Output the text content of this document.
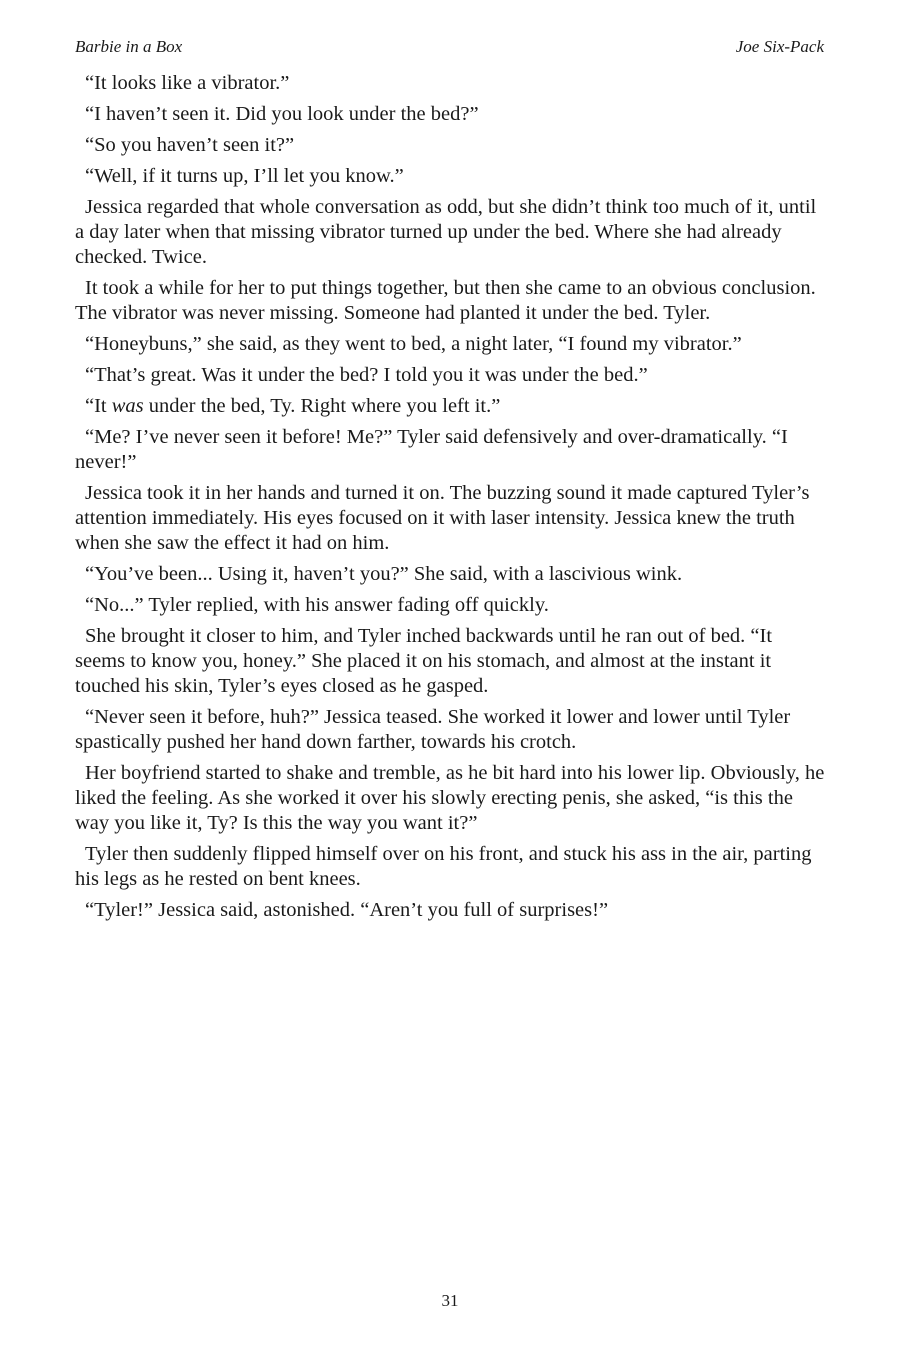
Barbie in a Box	Joe Six-Pack

“It looks like a vibrator.”

“I haven’t seen it. Did you look under the bed?”

“So you haven’t seen it?”

“Well, if it turns up, I’ll let you know.”

Jessica regarded that whole conversation as odd, but she didn’t think too much of it, until a day later when that missing vibrator turned up under the bed. Where she had already checked. Twice.

It took a while for her to put things together, but then she came to an obvious conclusion. The vibrator was never missing. Someone had planted it under the bed. Tyler.

“Honeybuns,” she said, as they went to bed, a night later, “I found my vibrator.”

“That’s great. Was it under the bed? I told you it was under the bed.”

“It was under the bed, Ty. Right where you left it.”

“Me? I’ve never seen it before! Me?” Tyler said defensively and over-dramatically. “I never!”

Jessica took it in her hands and turned it on. The buzzing sound it made captured Tyler’s attention immediately. His eyes focused on it with laser intensity. Jessica knew the truth when she saw the effect it had on him.

“You’ve been... Using it, haven’t you?” She said, with a lascivious wink.

“No...” Tyler replied, with his answer fading off quickly.

She brought it closer to him, and Tyler inched backwards until he ran out of bed. “It seems to know you, honey.” She placed it on his stomach, and almost at the instant it touched his skin, Tyler’s eyes closed as he gasped.

“Never seen it before, huh?” Jessica teased. She worked it lower and lower until Tyler spastically pushed her hand down farther, towards his crotch.

Her boyfriend started to shake and tremble, as he bit hard into his lower lip. Obviously, he liked the feeling. As she worked it over his slowly erecting penis, she asked, “is this the way you like it, Ty? Is this the way you want it?”

Tyler then suddenly flipped himself over on his front, and stuck his ass in the air, parting his legs as he rested on bent knees.

“Tyler!” Jessica said, astonished. “Aren’t you full of surprises!”

31
